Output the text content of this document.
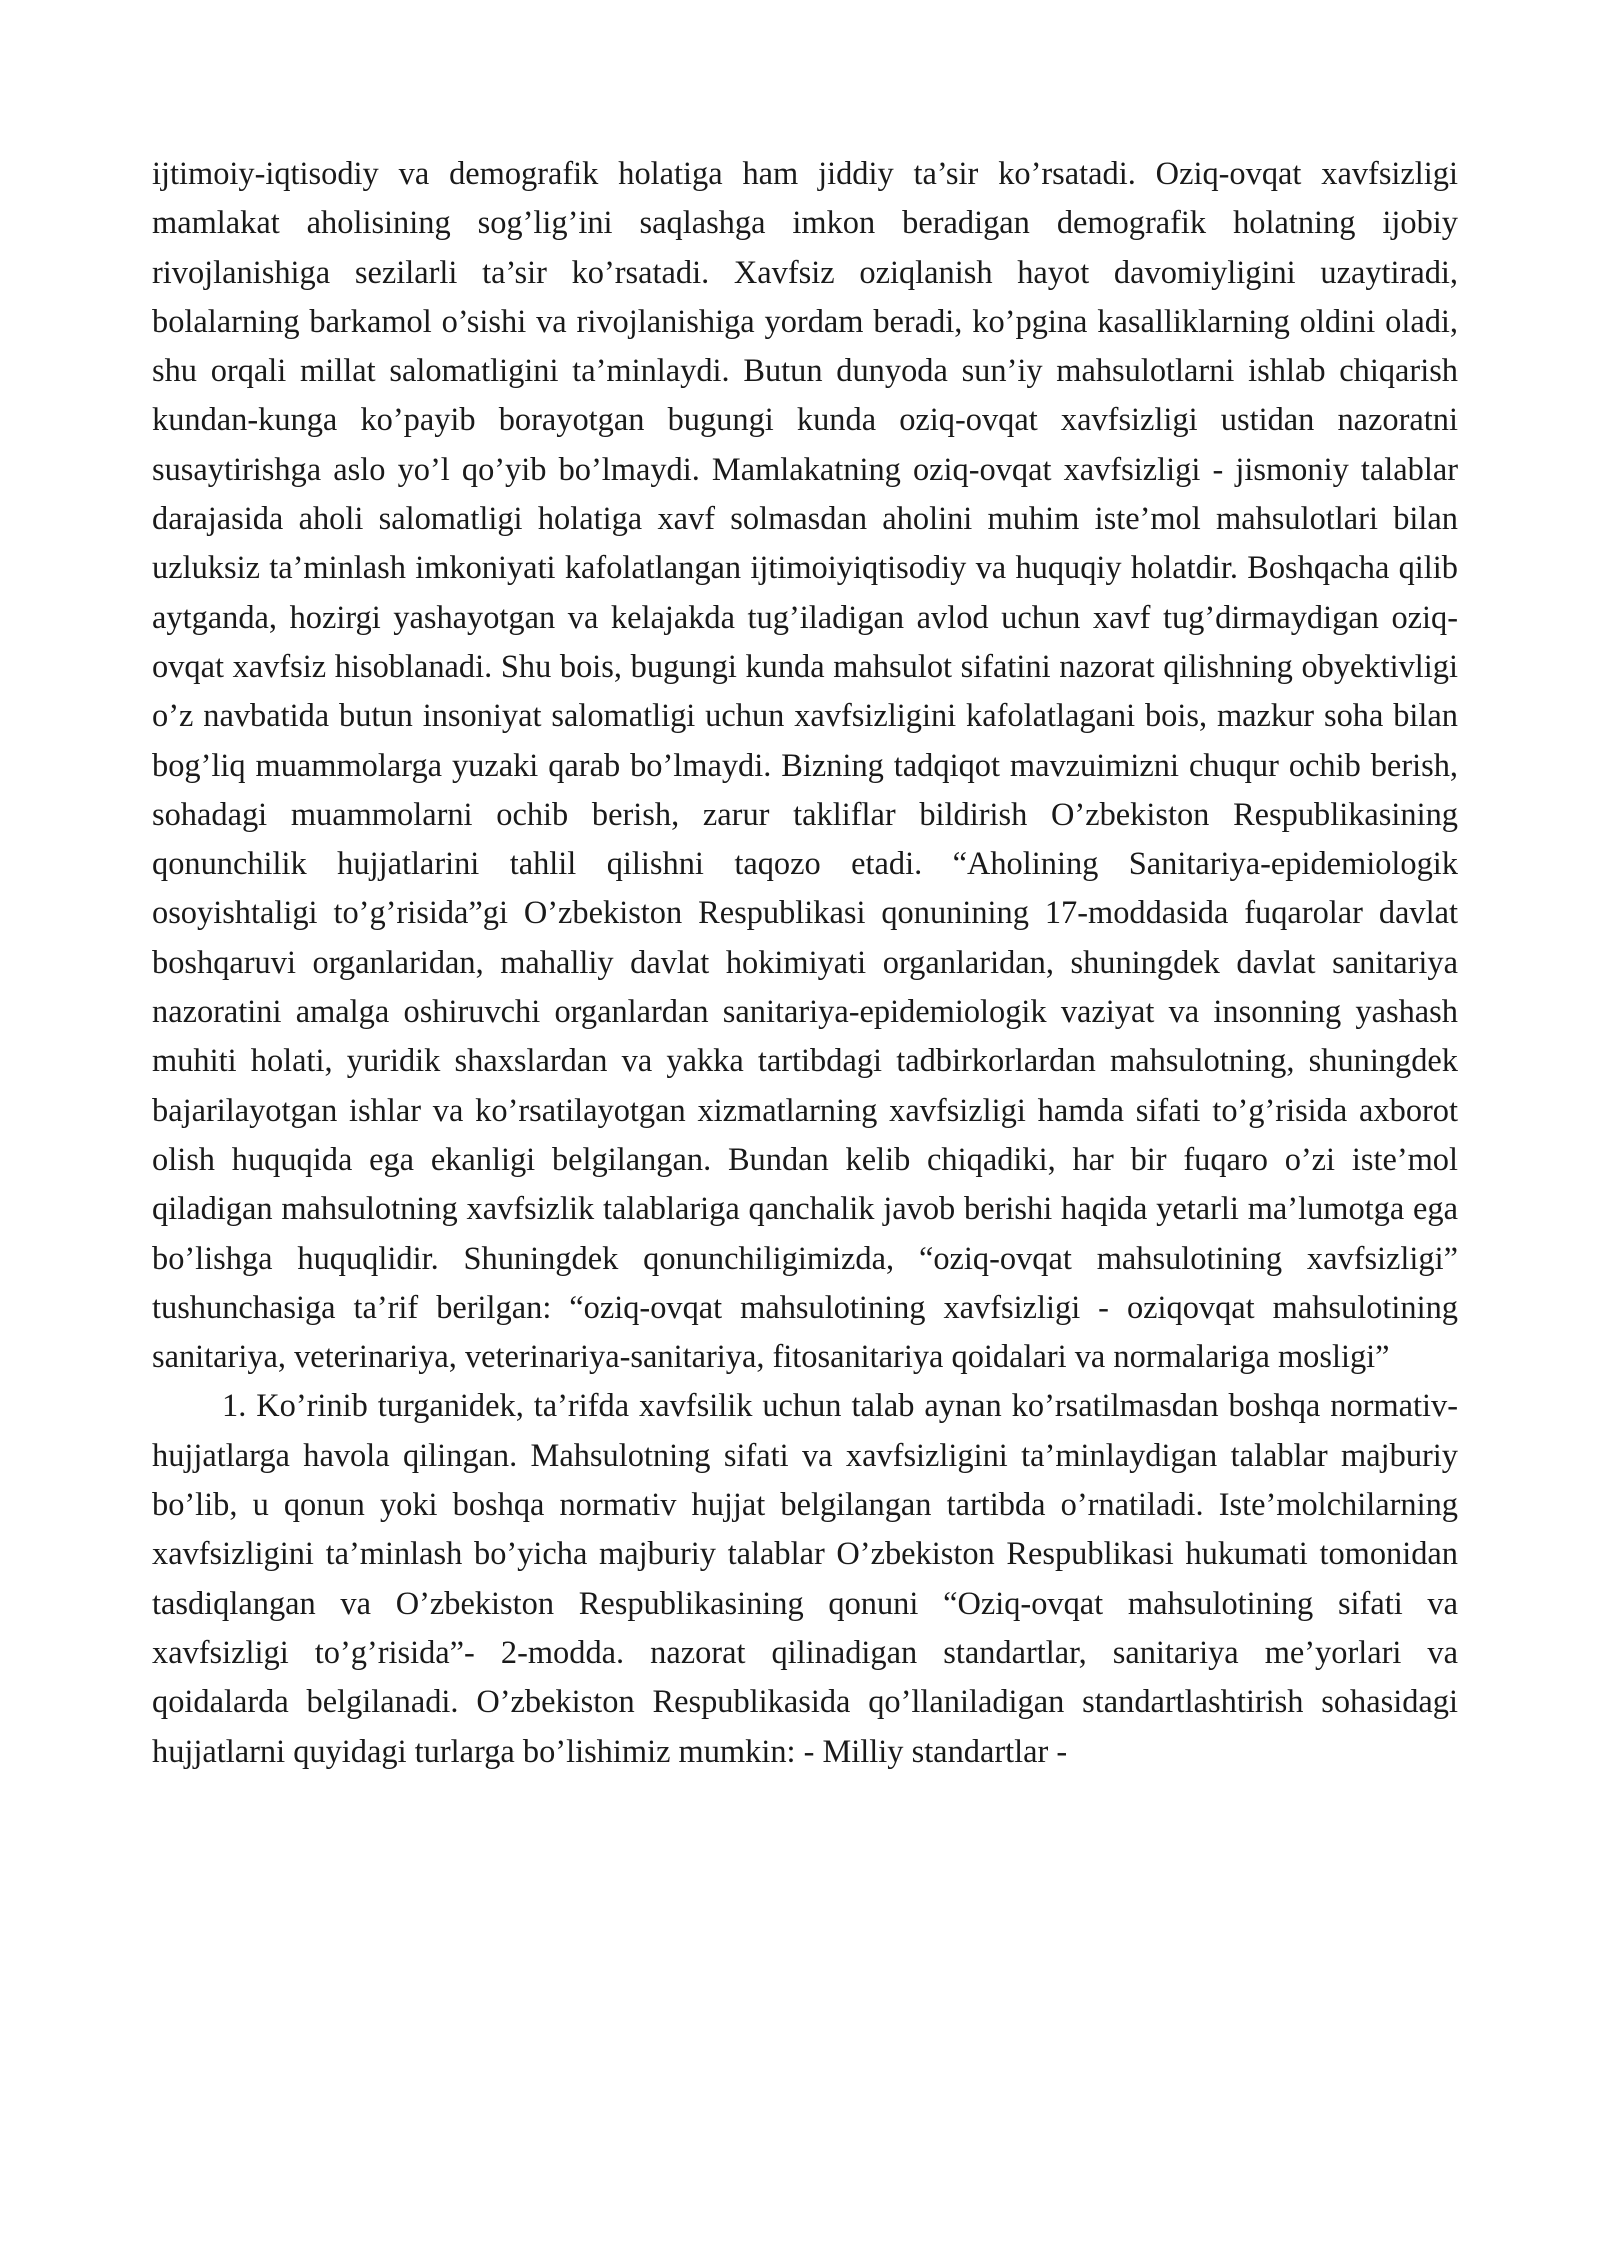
ijtimoiy-iqtisodiy va demografik holatiga ham jiddiy ta’sir ko’rsatadi. Oziq-ovqat xavfsizligi mamlakat aholisining sog’lig’ini saqlashga imkon beradigan demografik holatning ijobiy rivojlanishiga sezilarli ta’sir ko’rsatadi. Xavfsiz oziqlanish hayot davomiyligini uzaytiradi, bolalarning barkamol o’sishi va rivojlanishiga yordam beradi, ko’pgina kasalliklarning oldini oladi, shu orqali millat salomatligini ta’minlaydi. Butun dunyoda sun’iy mahsulotlarni ishlab chiqarish kundan-kunga ko’payib borayotgan bugungi kunda oziq-ovqat xavfsizligi ustidan nazoratni susaytirishga aslo yo’l qo’yib bo’lmaydi. Mamlakatning oziq-ovqat xavfsizligi - jismoniy talablar darajasida aholi salomatligi holatiga xavf solmasdan aholini muhim iste’mol mahsulotlari bilan uzluksiz ta’minlash imkoniyati kafolatlangan ijtimoiyiqtisodiy va huquqiy holatdir. Boshqacha qilib aytganda, hozirgi yashayotgan va kelajakda tug’iladigan avlod uchun xavf tug’dirmaydigan oziq-ovqat xavfsiz hisoblanadi. Shu bois, bugungi kunda mahsulot sifatini nazorat qilishning obyektivligi o’z navbatida butun insoniyat salomatligi uchun xavfsizligini kafolatlagani bois, mazkur soha bilan bog’liq muammolarga yuzaki qarab bo’lmaydi. Bizning tadqiqot mavzuimizni chuqur ochib berish, sohadagi muammolarni ochib berish, zarur takliflar bildirish O’zbekiston Respublikasining qonunchilik hujjatlarini tahlil qilishni taqozo etadi. “Aholining Sanitariya-epidemiologik osoyishtaligi to’g’risida”gi O’zbekiston Respublikasi qonunining 17-moddasida fuqarolar davlat boshqaruvi organlaridan, mahalliy davlat hokimiyati organlaridan, shuningdek davlat sanitariya nazoratini amalga oshiruvchi organlardan sanitariya-epidemiologik vaziyat va insonning yashash muhiti holati, yuridik shaxslardan va yakka tartibdagi tadbirkorlardan mahsulotning, shuningdek bajarilayotgan ishlar va ko’rsatilayotgan xizmatlarning xavfsizligi hamda sifati to’g’risida axborot olish huquqida ega ekanligi belgilangan. Bundan kelib chiqadiki, har bir fuqaro o’zi iste’mol qiladigan mahsulotning xavfsizlik talablariga qanchalik javob berishi haqida yetarli ma’lumotga ega bo’lishga huquqlidir. Shuningdek qonunchiligimizda, “oziq-ovqat mahsulotining xavfsizligi” tushunchasiga ta’rif berilgan: “oziq-ovqat mahsulotining xavfsizligi - oziqovqat mahsulotining sanitariya, veterinariya, veterinariya-sanitariya, fitosanitariya qoidalari va normalariga mosligi”

1. Ko’rinib turganidek, ta’rifda xavfsilik uchun talab aynan ko’rsatilmasdan boshqa normativ-hujjatlarga havola qilingan. Mahsulotning sifati va xavfsizligini ta’minlaydigan talablar majburiy bo’lib, u qonun yoki boshqa normativ hujjat belgilangan tartibda o’rnatiladi. Iste’molchilarning xavfsizligini ta’minlash bo’yicha majburiy talablar O’zbekiston Respublikasi hukumati tomonidan tasdiqlangan va O’zbekiston Respublikasining qonuni “Oziq-ovqat mahsulotining sifati va xavfsizligi to’g’risida”- 2-modda. nazorat qilinadigan standartlar, sanitariya me’yorlari va qoidalarda belgilanadi. O’zbekiston Respublikasida qo’llaniladigan standartlashtirish sohasidagi hujjatlarni quyidagi turlarga bo’lishimiz mumkin: - Milliy standartlar -
